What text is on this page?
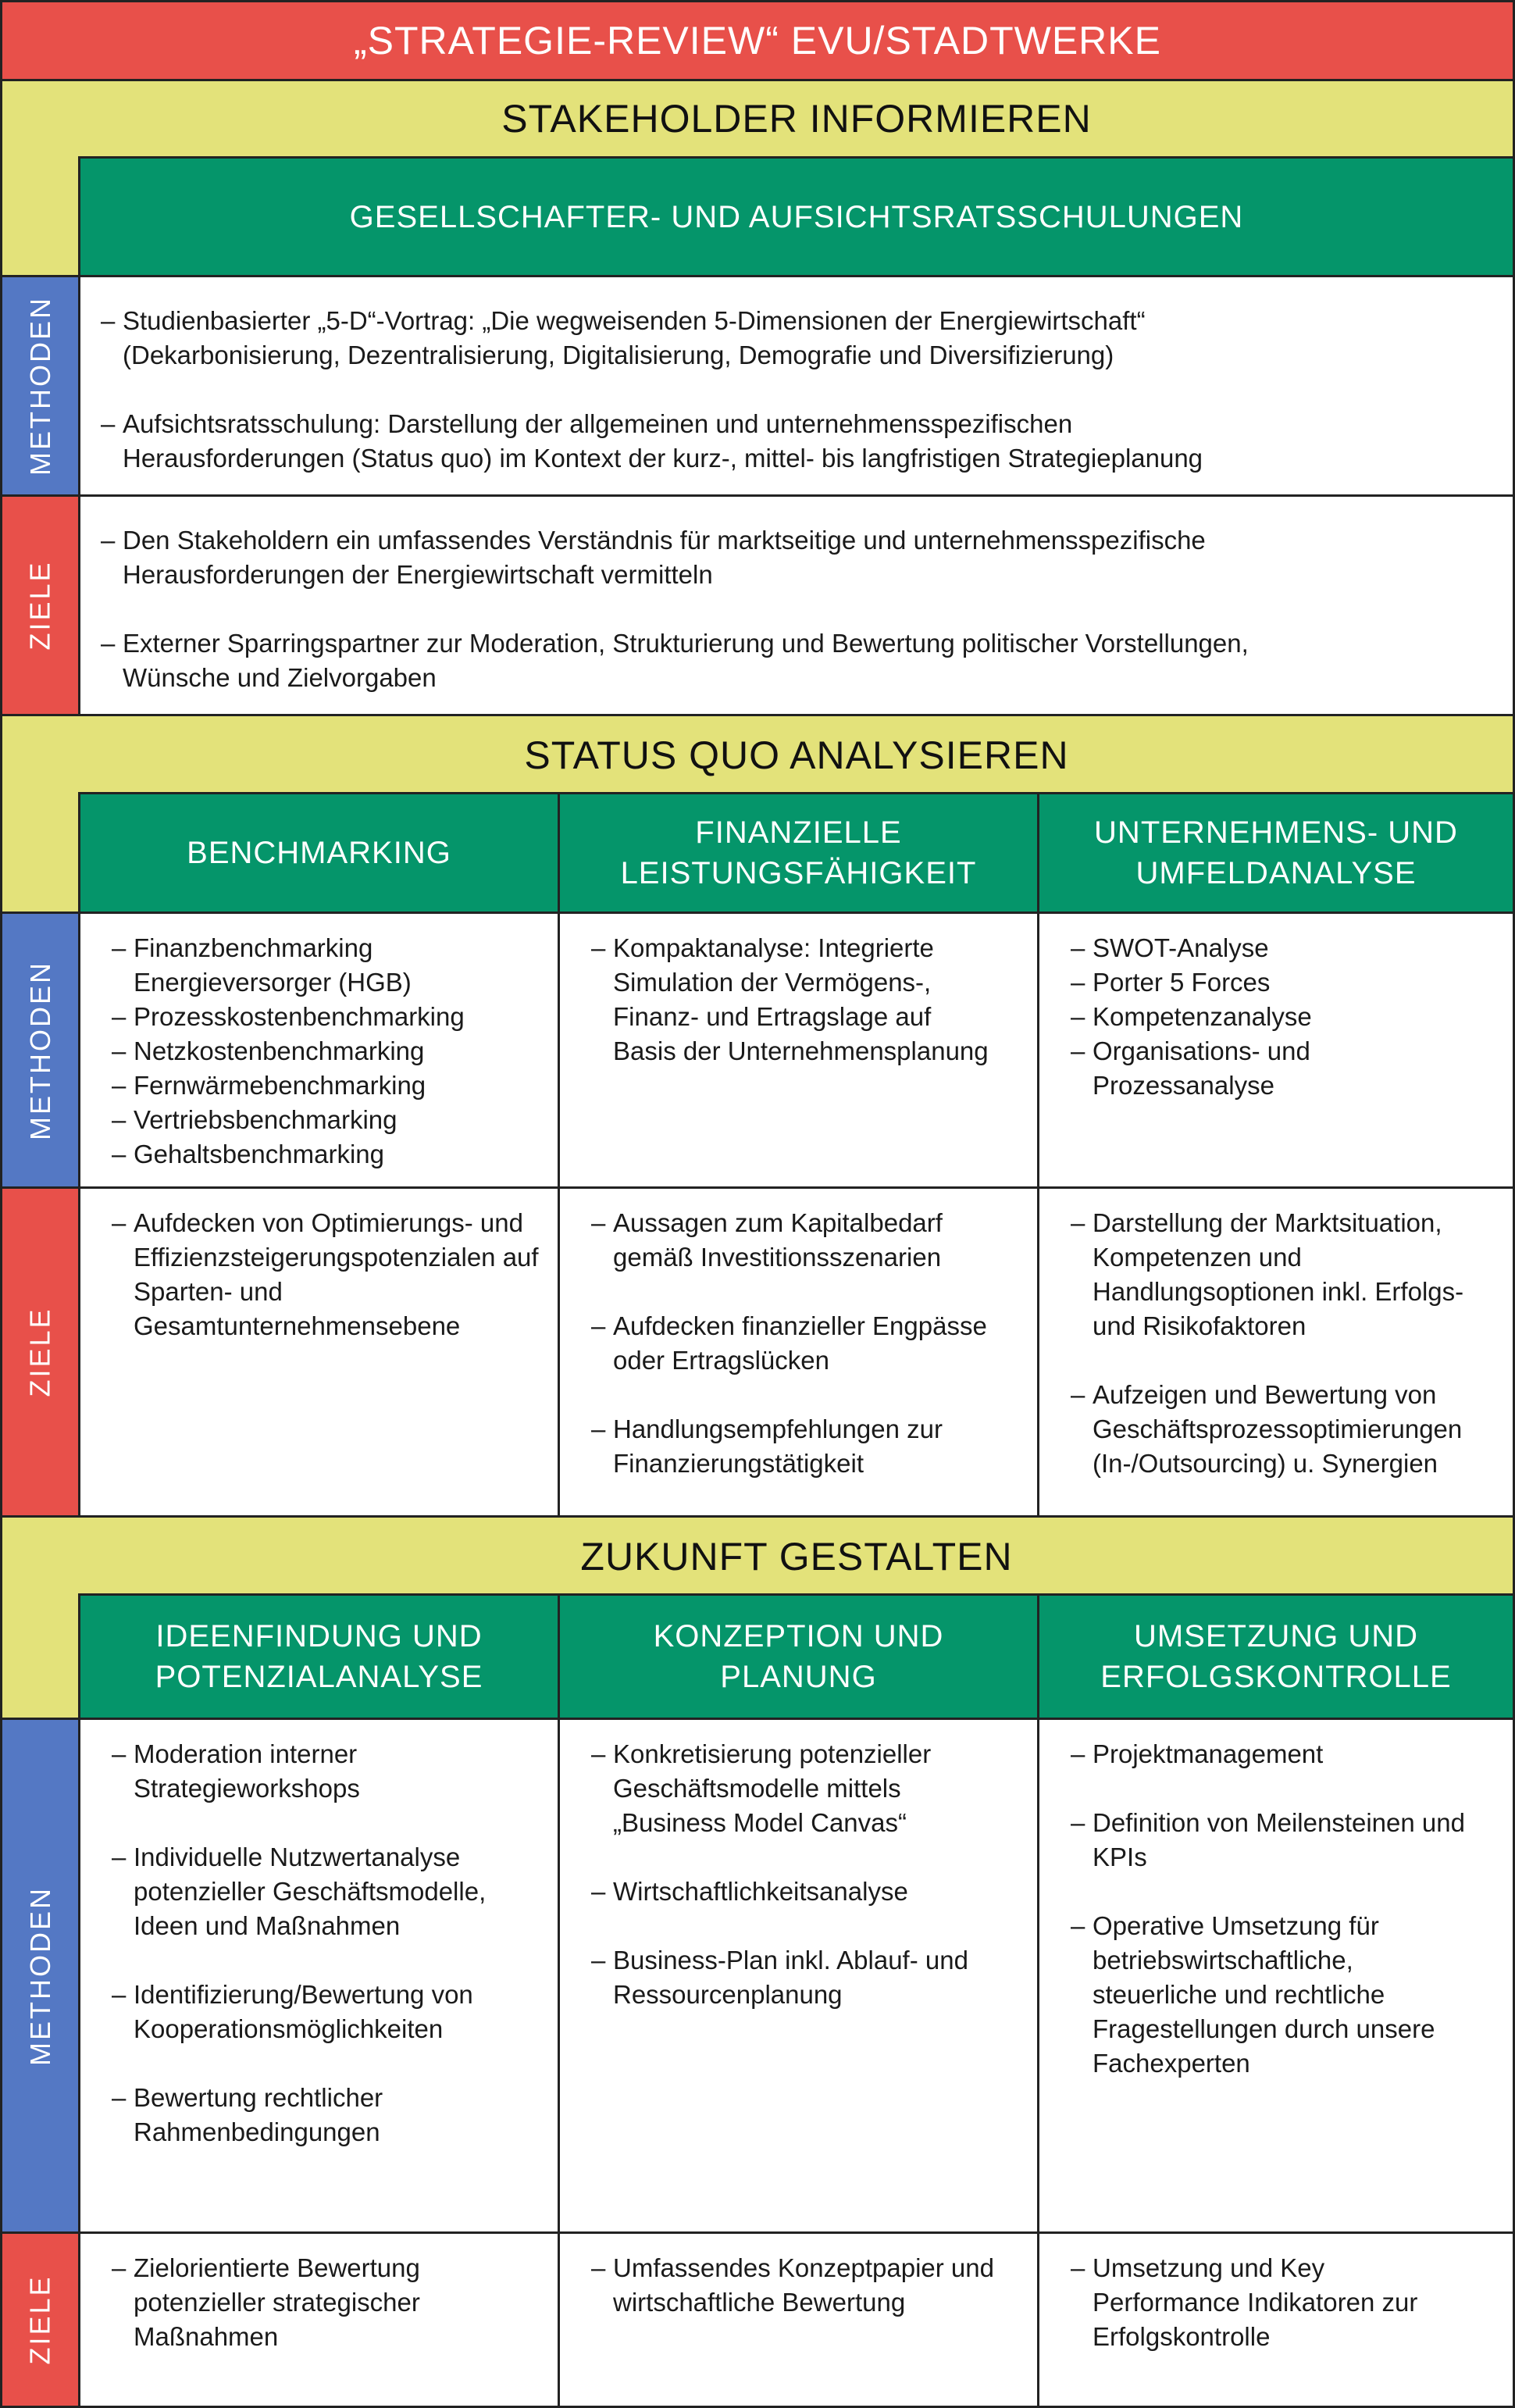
„STRATEGIE-REVIEW“ EVU/STADTWERKE
STAKEHOLDER INFORMIEREN
GESELLSCHAFTER- UND AUFSICHTSRATSSCHULUNGEN
METHODEN
–	Studienbasierter „5-D“-Vortrag: „Die wegweisenden 5-Dimensionen der Energiewirtschaft“
(Dekarbonisierung, Dezentralisierung, Digitalisierung, Demografie und Diversifizierung)
– Aufsichtsratsschulung: Darstellung der allgemeinen und unternehmensspezifischen
Herausforderungen (Status quo) im Kontext der kurz-, mittel- bis langfristigen Strategieplanung
ZIELE
– Den Stakeholdern ein umfassendes Verständnis für marktseitige und unternehmensspezifische
Herausforderungen der Energiewirtschaft vermitteln
– Externer Sparringspartner zur Moderation, Strukturierung und Bewertung politischer Vorstellungen,
Wünsche und Zielvorgaben
STATUS QUO ANALYSIEREN
BENCHMARKING
FINANZIELLE
LEISTUNGSFÄHIGKEIT
UNTERNEHMENS- UND
UMFELDANALYSE
METHODEN
– Finanzbenchmarking Energieversorger (HGB)
– Prozesskostenbenchmarking
– Netzkostenbenchmarking
– Fernwärmebenchmarking
– Vertriebsbenchmarking
– Gehaltsbenchmarking
– Kompaktanalyse: Integrierte Simulation der Vermögens-, Finanz- und Ertragslage auf Basis der Unternehmensplanung
– SWOT-Analyse
– Porter 5 Forces
– Kompetenzanalyse
– Organisations- und Prozessanalyse
ZIELE
– Aufdecken von Optimierungs- und Effizienzsteigerungspotenzialen auf Sparten- und Gesamtunternehmensebene
– Aussagen zum Kapitalbedarf gemäß Investitionsszenarien
– Aufdecken finanzieller Engpässe oder Ertragslücken
– Handlungsempfehlungen zur Finanzierungstätigkeit
– Darstellung der Marktsituation, Kompetenzen und Handlungsoptionen inkl. Erfolgs- und Risikofaktoren
– Aufzeigen und Bewertung von Geschäftsprozessoptimierungen (In-/Outsourcing) u. Synergien
ZUKUNFT GESTALTEN
IDEENFINDUNG UND
POTENZIALANALYSE
KONZEPTION UND
PLANUNG
UMSETZUNG UND
ERFOLGSKONTROLLE
METHODEN
– Moderation interner Strategieworkshops
– Individuelle Nutzwertanalyse potenzieller Geschäftsmodelle, Ideen und Maßnahmen
– Identifizierung/Bewertung von Kooperationsmöglichkeiten
– Bewertung rechtlicher Rahmenbedingungen
– Konkretisierung potenzieller Geschäftsmodelle mittels „Business Model Canvas“
– Wirtschaftlichkeitsanalyse
– Business-Plan inkl. Ablauf- und Ressourcenplanung
– Projektmanagement
– Definition von Meilensteinen und KPIs
– Operative Umsetzung für betriebswirtschaftliche, steuerliche und rechtliche Fragestellungen durch unsere Fachexperten
ZIELE
– Zielorientierte Bewertung potenzieller strategischer Maßnahmen
– Umfassendes Konzeptpapier und wirtschaftliche Bewertung
– Umsetzung und Key Performance Indikatoren zur Erfolgskontrolle
